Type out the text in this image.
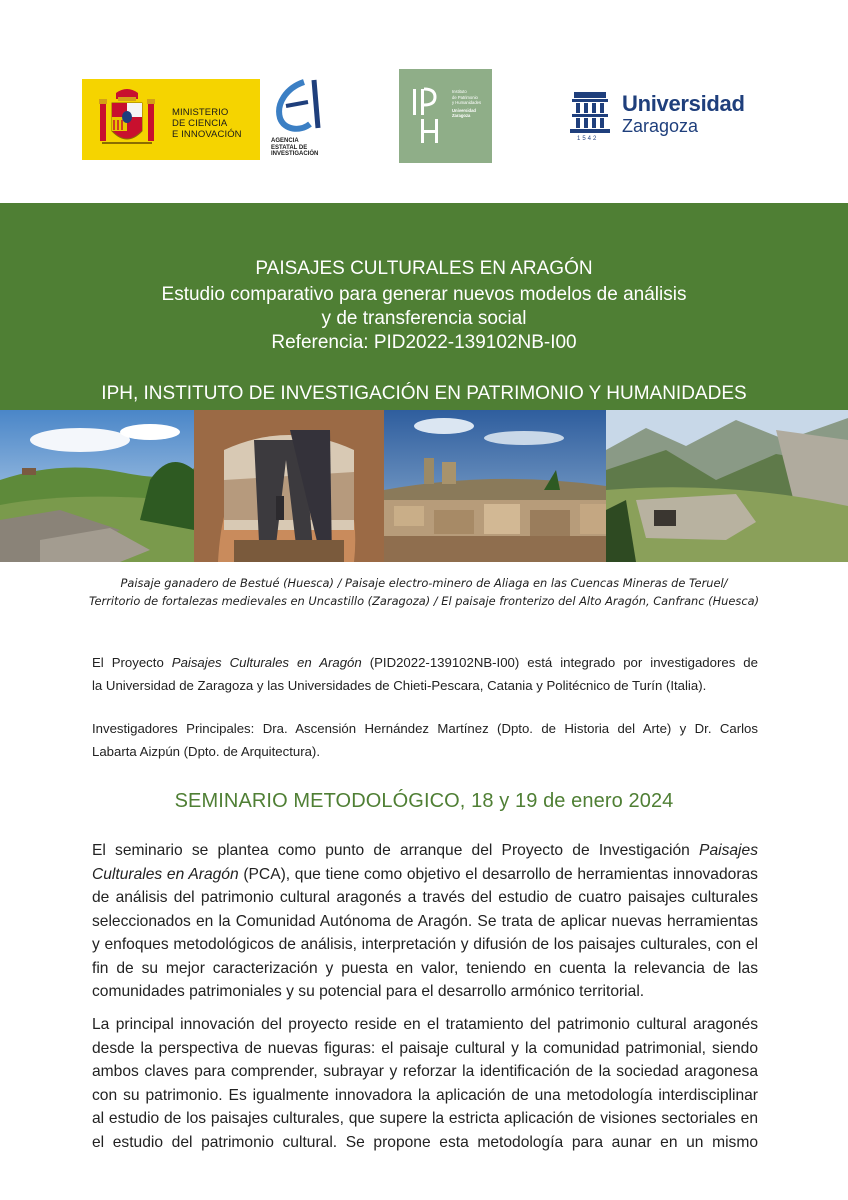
MINISTERIO
DE CIENCIA
E INNOVACIÓN
AGENCIA
ESTATAL DE
INVESTIGACIÓN
Instituto
de Patrimonio
y Humanidades
Universidad
Zaragoza	Universidad
Zaragoza
1542
PAISAJES CULTURALES EN ARAGÓN
Estudio comparativo para generar nuevos modelos de análisis
y de transferencia social
Referencia: PID2022-139102NB-I00
IPH, INSTITUTO DE INVESTIGACIÓN EN PATRIMONIO Y HUMANIDADES
Paisaje ganadero de Bestué (Huesca) / Paisaje electro-minero de Aliaga en las Cuencas Mineras de Teruel/
Territorio de fortalezas medievales en Uncastillo (Zaragoza) / El paisaje fronterizo del Alto Aragón, Canfranc (Huesca)
El Proyecto Paisajes Culturales en Aragón (PID2022-139102NB-I00) está integrado por investigadores de
la Universidad de Zaragoza y las Universidades de Chieti-Pescara, Catania y Politécnico de Turín (Italia).
Investigadores Principales: Dra. Ascensión Hernández Martínez (Dpto. de Historia del Arte) y Dr. Carlos
Labarta Aizpún (Dpto. de Arquitectura).
SEMINARIO METODOLÓGICO, 18 y 19 de enero 2024
El seminario se plantea como punto de arranque del Proyecto de Investigación Paisajes
Culturales en Aragón (PCA), que tiene como objetivo el desarrollo de herramientas innovadoras
de análisis del patrimonio cultural aragonés a través del estudio de cuatro paisajes culturales
seleccionados en la Comunidad Autónoma de Aragón. Se trata de aplicar nuevas herramientas
y enfoques metodológicos de análisis, interpretación y difusión de los paisajes culturales, con el
fin de su mejor caracterización y puesta en valor, teniendo en cuenta la relevancia de las
comunidades patrimoniales y su potencial para el desarrollo armónico territorial.
La principal innovación del proyecto reside en el tratamiento del patrimonio cultural aragonés
desde la perspectiva de nuevas figuras: el paisaje cultural y la comunidad patrimonial, siendo
ambos claves para comprender, subrayar y reforzar la identificación de la sociedad aragonesa
con su patrimonio. Es igualmente innovadora la aplicación de una metodología interdisciplinar
al estudio de los paisajes culturales, que supere la estricta aplicación de visiones sectoriales en
el estudio del patrimonio cultural. Se propone esta metodología para aunar en un mismo
